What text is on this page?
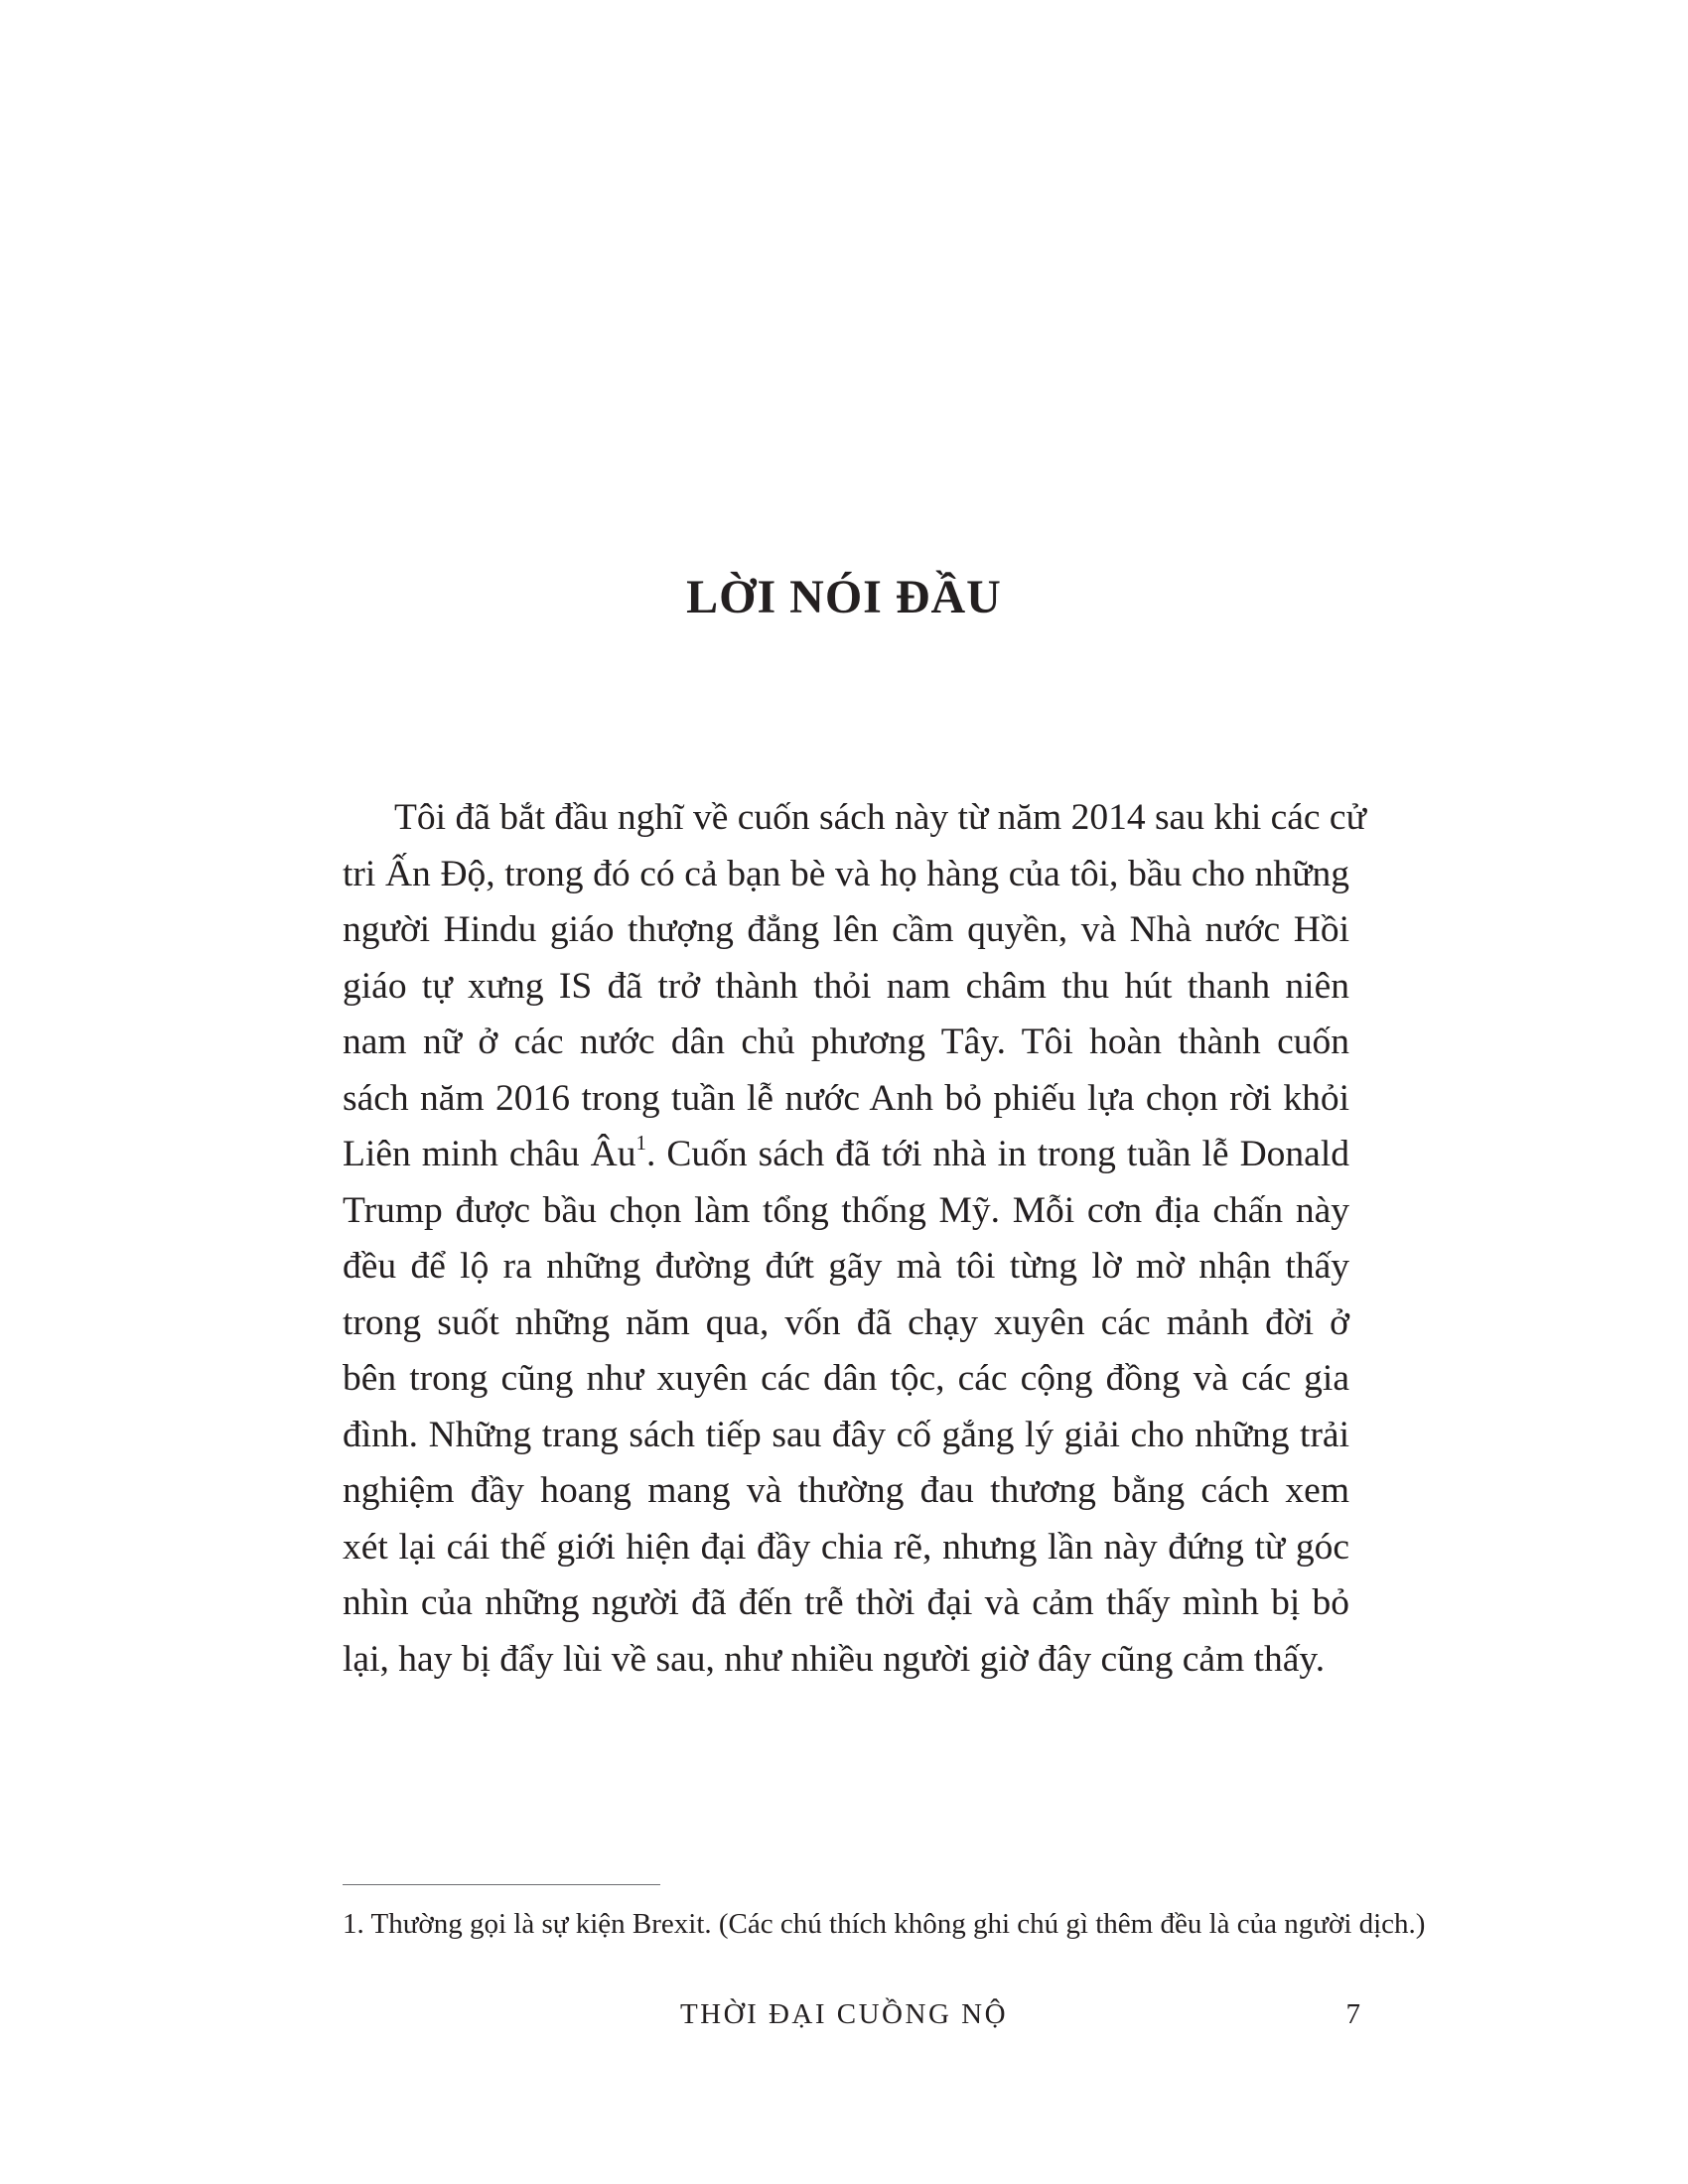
LỜI NÓI ĐẦU
Tôi đã bắt đầu nghĩ về cuốn sách này từ năm 2014 sau khi các cử
tri Ấn Độ, trong đó có cả bạn bè và họ hàng của tôi, bầu cho những
người Hindu giáo thượng đẳng lên cầm quyền, và Nhà nước Hồi
giáo tự xưng IS đã trở thành thỏi nam châm thu hút thanh niên
nam nữ ở các nước dân chủ phương Tây. Tôi hoàn thành cuốn
sách năm 2016 trong tuần lễ nước Anh bỏ phiếu lựa chọn rời khỏi
Liên minh châu Âu$^1$. Cuốn sách đã tới nhà in trong tuần lễ Donald
Trump được bầu chọn làm tổng thống Mỹ. Mỗi cơn địa chấn này
đều để lộ ra những đường đứt gãy mà tôi từng lờ mờ nhận thấy
trong suốt những năm qua, vốn đã chạy xuyên các mảnh đời ở
bên trong cũng như xuyên các dân tộc, các cộng đồng và các gia
đình. Những trang sách tiếp sau đây cố gắng lý giải cho những trải
nghiệm đầy hoang mang và thường đau thương bằng cách xem
xét lại cái thế giới hiện đại đầy chia rẽ, nhưng lần này đứng từ góc
nhìn của những người đã đến trễ thời đại và cảm thấy mình bị bỏ
lại, hay bị đẩy lùi về sau, như nhiều người giờ đây cũng cảm thấy.
1. Thường gọi là sự kiện Brexit. (Các chú thích không ghi chú gì thêm đều là của người dịch.)
THỜI ĐẠI CUỒNG NỘ	7
